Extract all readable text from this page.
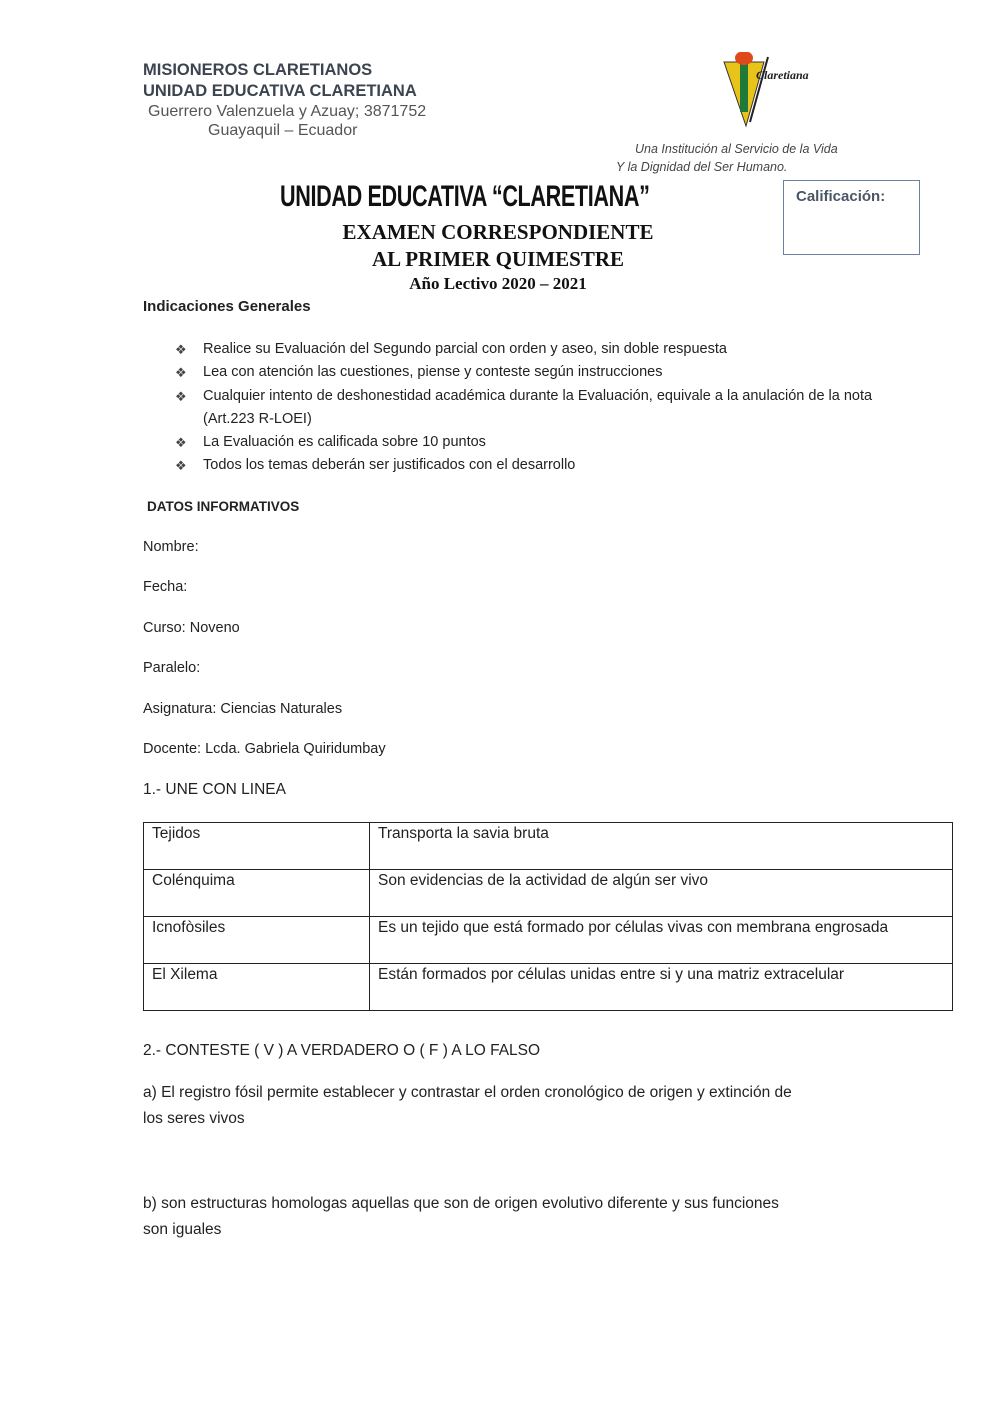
MISIONEROS CLARETIANOS
UNIDAD EDUCATIVA CLARETIANA
Guerrero Valenzuela y Azuay; 3871752
Guayaquil – Ecuador
Claretiana
Una Institución al Servicio de la Vida
Y la Dignidad del Ser Humano.
UNIDAD EDUCATIVA “CLARETIANA”
EXAMEN CORRESPONDIENTE
AL PRIMER QUIMESTRE
Año Lectivo 2020 – 2021
Calificación:
Indicaciones Generales
❖ Realice su Evaluación del Segundo parcial con orden y aseo, sin doble respuesta
❖ Lea con atención las cuestiones, piense y conteste según instrucciones
❖ Cualquier intento de deshonestidad académica durante la Evaluación, equivale a la anulación de la nota (Art.223 R-LOEI)
❖ La Evaluación es calificada sobre 10 puntos
❖ Todos los temas deberán ser justificados con el desarrollo
DATOS INFORMATIVOS
Nombre:
Fecha:
Curso: Noveno
Paralelo:
Asignatura: Ciencias Naturales
Docente: Lcda. Gabriela Quiridumbay
1.- UNE CON LINEA
Tejidos	Transporta la savia bruta
Colénquima	Son evidencias de la actividad de algún ser vivo
Icnofòsiles	Es un tejido que está formado por células vivas con membrana engrosada
El Xilema	Están formados por células unidas entre si y una matriz extracelular
2.- CONTESTE ( V ) A VERDADERO O ( F ) A LO FALSO
a) El registro fósil permite establecer y contrastar el orden cronológico de origen y extinción de
los seres vivos
b) son estructuras homologas aquellas que son de origen evolutivo diferente y sus funciones
son iguales
